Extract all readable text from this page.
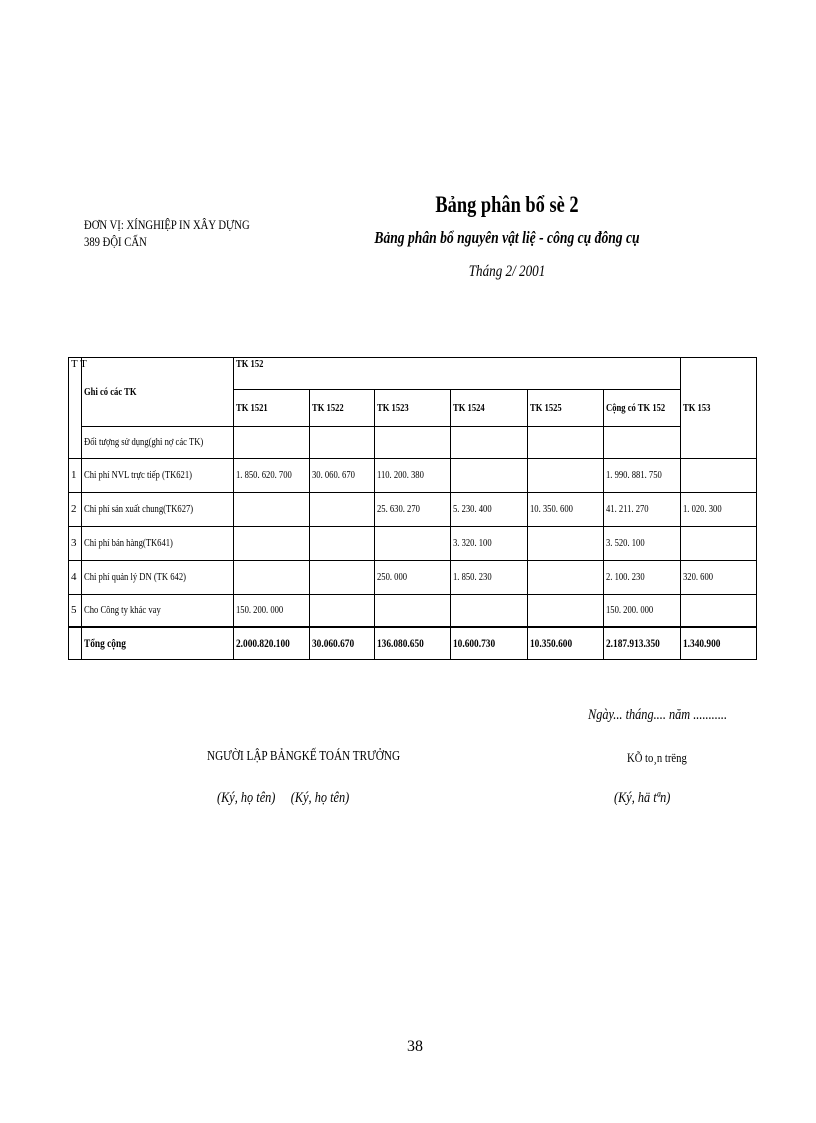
ĐƠN VỊ: XÍNGHIỆP IN XÂY DỰNG
389 ĐỘI CẤN
Bảng phân bổ sè 2
Bảng phân bổ nguyên vật liệ - công cụ đông cụ
Tháng 2/ 2001
T T	Ghi có các TK	TK 152						TK 153
		TK 1521	TK 1522	TK 1523	TK 1524	TK 1525	Cộng có TK 152	
	Đối tượng sử dụng(ghi nợ các TK)							
1	Chi phí NVL trực tiếp (TK621)	1. 850. 620. 700	30. 060. 670	110. 200. 380			1. 990. 881. 750	
2	Chi phí sản xuất chung(TK627)			25. 630. 270	5. 230. 400	10. 350. 600	41. 211. 270	1. 020. 300
3	Chi phí bán hàng(TK641)				3. 320. 100		3. 520. 100	
4	Chi phí quản lý DN (TK 642)			250. 000	1. 850. 230		2. 100. 230	320. 600
5	Cho Công ty khác vay	150. 200. 000					150. 200. 000	
	Tổng cộng	2.000.820.100	30.060.670	136.080.650	10.600.730	10.350.600	2.187.913.350	1.340.900
Ngày... tháng.... năm ...........
NGƯỜI LẬP BẢNGKẾ TOÁN TRƯỞNG	KÕ to¸n trëng
(Ký, họ tên) (Ký, họ tên)	(Ký, hä tªn)
38
